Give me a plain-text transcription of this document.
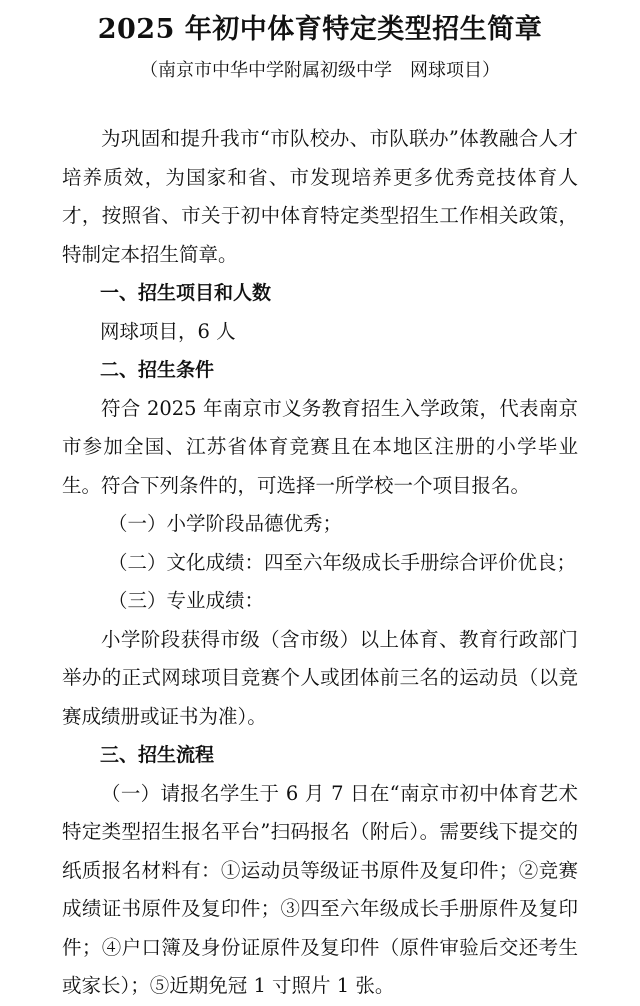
2025 年初中体育特定类型招生简章
（南京市中华中学附属初级中学　网球项目）

为巩固和提升我市“市队校办、市队联办”体教融合人才培养质效，为国家和省、市发现培养更多优秀竞技体育人才，按照省、市关于初中体育特定类型招生工作相关政策，特制定本招生简章。

一、招生项目和人数

网球项目，6 人

二、招生条件

符合 2025 年南京市义务教育招生入学政策，代表南京市参加全国、江苏省体育竞赛且在本地区注册的小学毕业生。符合下列条件的，可选择一所学校一个项目报名。

（一）小学阶段品德优秀；

（二）文化成绩：四至六年级成长手册综合评价优良；

（三）专业成绩：

小学阶段获得市级（含市级）以上体育、教育行政部门举办的正式网球项目竞赛个人或团体前三名的运动员（以竞赛成绩册或证书为准）。

三、招生流程

（一）请报名学生于 6 月 7 日在“南京市初中体育艺术特定类型招生报名平台”扫码报名（附后）。需要线下提交的纸质报名材料有：①运动员等级证书原件及复印件；②竞赛成绩证书原件及复印件；③四至六年级成长手册原件及复印件；④户口簿及身份证原件及复印件（原件审验后交还考生或家长）；⑤近期免冠 1 寸照片 1 张。
